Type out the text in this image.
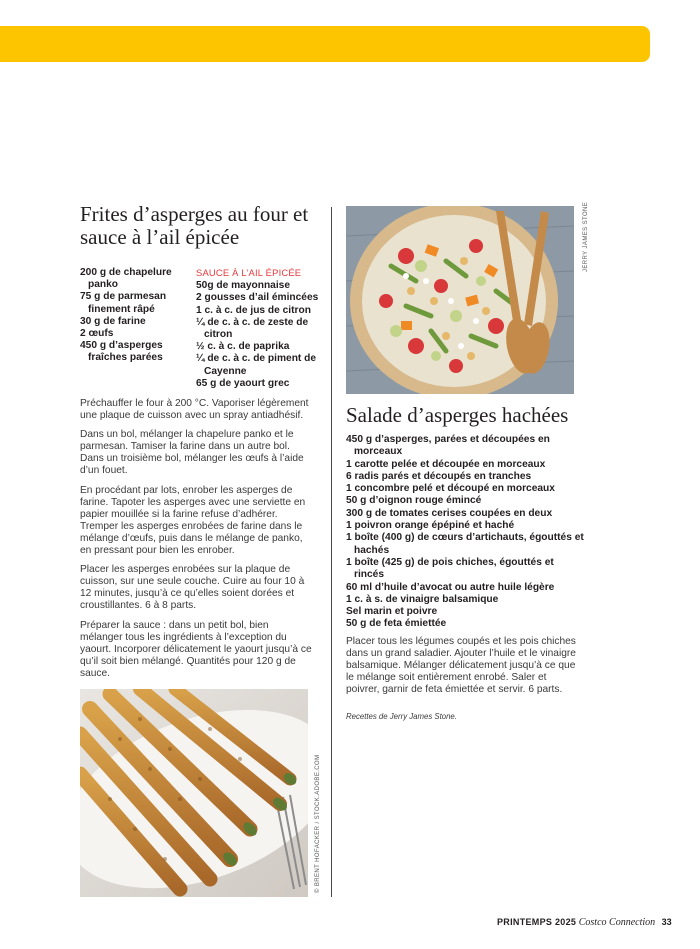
Frites d’asperges au four et sauce à l’ail épicée

200 g de chapelure panko

75 g de parmesan finement râpé

30 g de farine

2 œufs

450 g d’asperges fraîches parées

SAUCE À L’AIL ÉPICÉE

50g de mayonnaise

2 gousses d’ail émincées

1 c. à c. de jus de citron

¼ de c. à c. de zeste de citron

½ c. à c. de paprika

¼ de c. à c. de piment de Cayenne

65 g de yaourt grec

Préchauffer le four à 200 °C. Vaporiser légèrement une plaque de cuisson avec un spray antiadhésif.

Dans un bol, mélanger la chapelure panko et le parmesan. Tamiser la farine dans un autre bol. Dans un troisième bol, mélanger les œufs à l’aide d’un fouet.

En procédant par lots, enrober les asperges de farine. Tapoter les asperges avec une serviette en papier mouillée si la farine refuse d’adhérer. Tremper les asperges enrobées de farine dans le mélange d’œufs, puis dans le mélange de panko, en pressant pour bien les enrober.

Placer les asperges enrobées sur la plaque de cuisson, sur une seule couche. Cuire au four 10 à 12 minutes, jusqu’à ce qu’elles soient dorées et croustillantes. 6 à 8 parts.

Préparer la sauce : dans un petit bol, bien mélanger tous les ingrédients à l’exception du yaourt. Incorporer délicatement le yaourt jusqu’à ce qu’il soit bien mélangé. Quantités pour 120 g de sauce.

© BRENT HOFACKER / STOCK.ADOBE.COM
JERRY JAMES STONE
Salade d’asperges hachées

450 g d’asperges, parées et découpées en morceaux

1 carotte pelée et découpée en morceaux

6 radis parés et découpés en tranches

1 concombre pelé et découpé en morceaux

50 g d’oignon rouge émincé

300 g de tomates cerises coupées en deux

1 poivron orange épépiné et haché

1 boîte (400 g) de cœurs d’artichauts, égouttés et hachés

1 boîte (425 g) de pois chiches, égouttés et rincés

60 ml d’huile d’avocat ou autre huile légère

1 c. à s. de vinaigre balsamique

Sel marin et poivre

50 g de feta émiettée

Placer tous les légumes coupés et les pois chiches dans un grand saladier. Ajouter l’huile et le vinaigre balsamique. Mélanger délicatement jusqu’à ce que le mélange soit entièrement enrobé. Saler et poivrer, garnir de feta émiettée et servir. 6 parts.

Recettes de Jerry James Stone.
PRINTEMPS 2025 Costco Connection 33
